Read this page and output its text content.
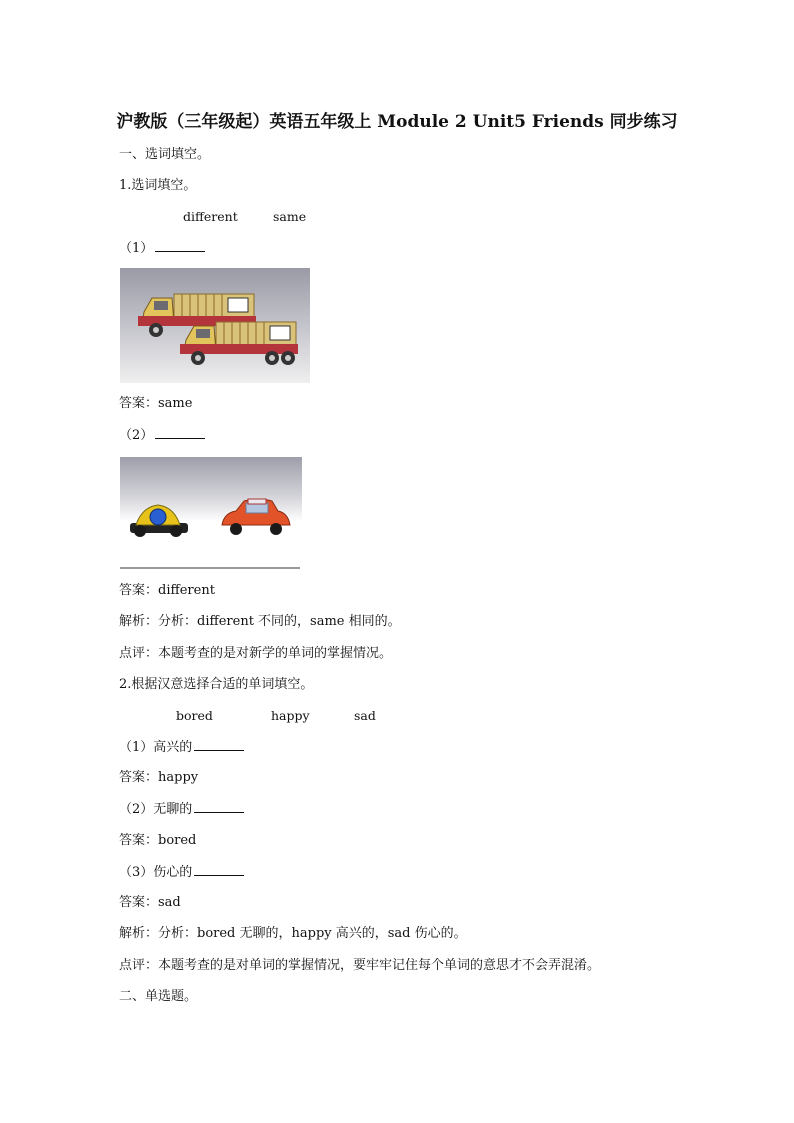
沪教版（三年级起）英语五年级上 Module 2 Unit5 Friends 同步练习
一、选词填空。
1.选词填空。
different	same
（1）
答案：same
（2）
答案：different
解析：分析：different 不同的，same 相同的。
点评：本题考查的是对新学的单词的掌握情况。
2.根据汉意选择合适的单词填空。
bored	happy	sad
（1）高兴的
答案：happy
（2）无聊的
答案：bored
（3）伤心的
答案：sad
解析：分析：bored 无聊的，happy 高兴的，sad 伤心的。
点评：本题考查的是对单词的掌握情况，要牢牢记住每个单词的意思才不会弄混淆。
二、单选题。
